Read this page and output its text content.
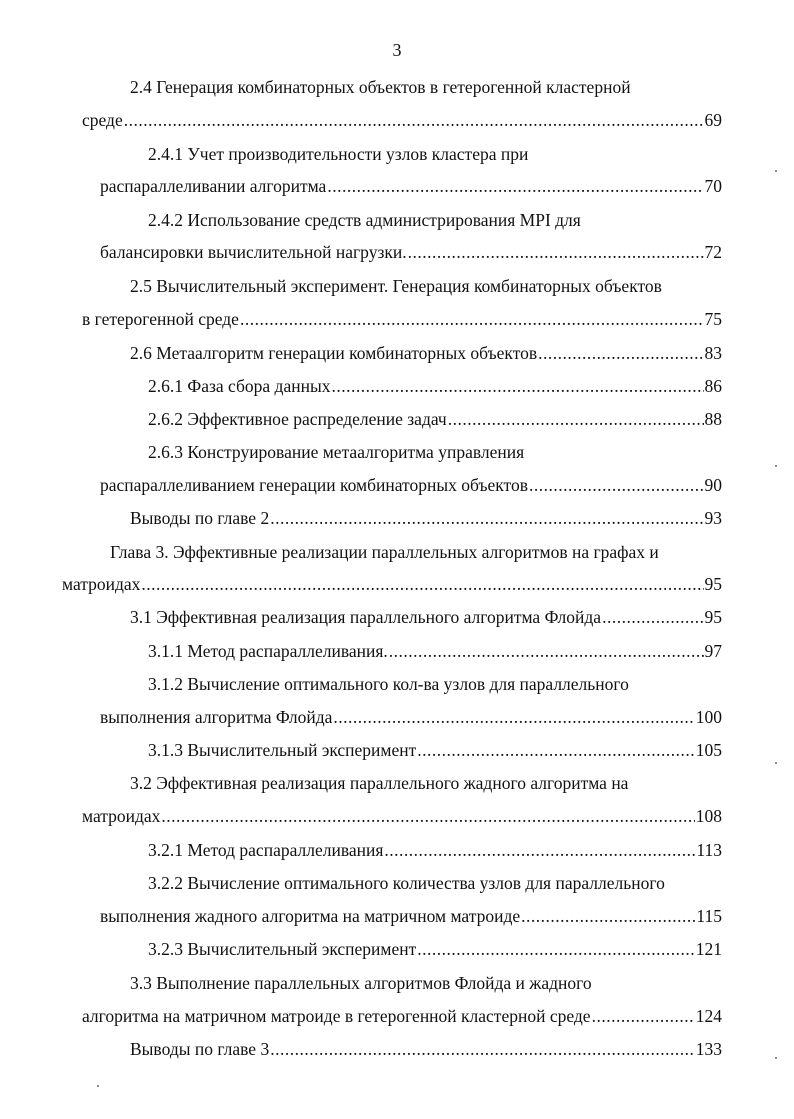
3
2.4 Генерация комбинаторных объектов в гетерогенной кластерной
среде .....	69
2.4.1 Учет производительности узлов кластера при
распараллеливании алгоритма .....	70
2.4.2 Использование средств администрирования MPI для
балансировки вычислительной нагрузки. .....	72
2.5 Вычислительный эксперимент. Генерация комбинаторных объектов
в гетерогенной среде .....	75
2.6 Метаалгоритм генерации комбинаторных объектов .....	83
2.6.1 Фаза сбора данных .....	86
2.6.2 Эффективное распределение задач .....	88
2.6.3 Конструирование метаалгоритма управления
распараллеливанием генерации комбинаторных объектов .....	90
Выводы по главе 2 .....	93
Глава 3. Эффективные реализации параллельных алгоритмов на графах и
матроидах .....	95
3.1 Эффективная реализация параллельного алгоритма Флойда .....	95
3.1.1 Метод распараллеливания. .....	97
3.1.2 Вычисление оптимального кол-ва узлов для параллельного
выполнения алгоритма Флойда .....	100
3.1.3 Вычислительный эксперимент .....	105
3.2 Эффективная реализация параллельного жадного алгоритма на
матроидах .....	108
3.2.1 Метод распараллеливания .....	113
3.2.2 Вычисление оптимального количества узлов для параллельного
выполнения жадного алгоритма на матричном матроиде .....	115
3.2.3 Вычислительный эксперимент .....	121
3.3 Выполнение параллельных алгоритмов Флойда и жадного
алгоритма на матричном матроиде в гетерогенной кластерной среде .....	124
Выводы по главе 3 .....	133
